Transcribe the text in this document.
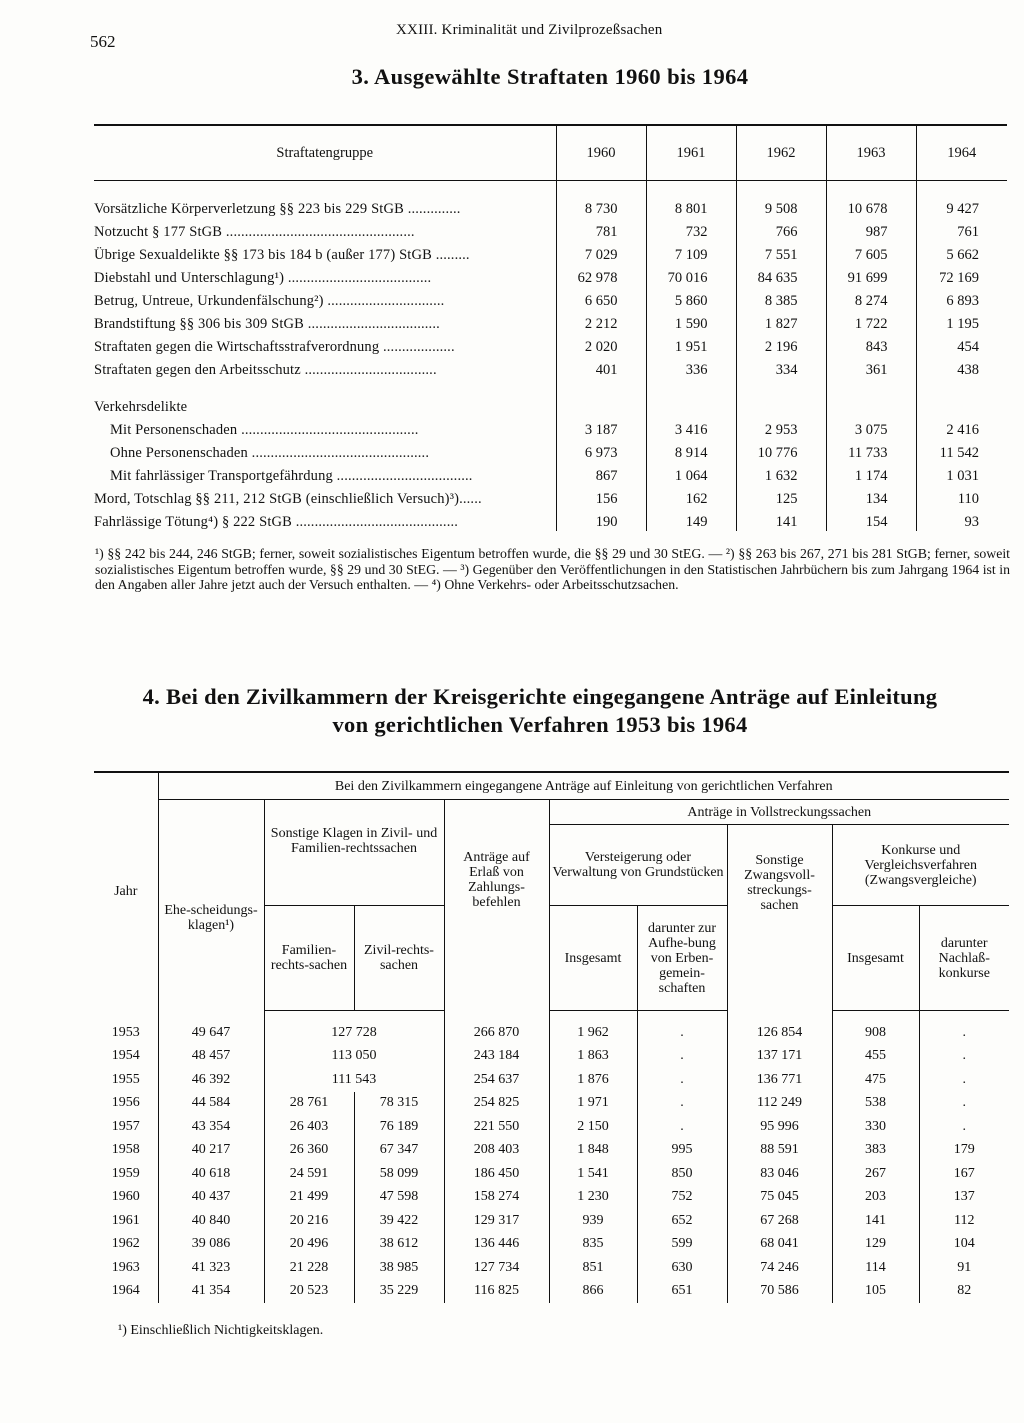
562
XXIII. Kriminalität und Zivilprozeßsachen
3. Ausgewählte Straftaten 1960 bis 1964
Straftatengruppe	1960	1961	1962	1963	1964

Vorsätzliche Körperverletzung §§ 223 bis 229 StGB ..............	8 730	8 801	9 508	10 678	9 427
Notzucht § 177 StGB ..................................................	781	732	766	987	761
Übrige Sexualdelikte §§ 173 bis 184 b (außer 177) StGB .........	7 029	7 109	7 551	7 605	5 662
Diebstahl und Unterschlagung¹) ......................................	62 978	70 016	84 635	91 699	72 169
Betrug, Untreue, Urkundenfälschung²) ...............................	6 650	5 860	8 385	8 274	6 893
Brandstiftung §§ 306 bis 309 StGB ...................................	2 212	1 590	1 827	1 722	1 195
Straftaten gegen die Wirtschaftsstrafverordnung ...................	2 020	1 951	2 196	843	454
Straftaten gegen den Arbeitsschutz ...................................	401	336	334	361	438

Verkehrsdelikte					
Mit Personenschaden ...............................................	3 187	3 416	2 953	3 075	2 416
Ohne Personenschaden ...............................................	6 973	8 914	10 776	11 733	11 542
Mit fahrlässiger Transportgefährdung ....................................	867	1 064	1 632	1 174	1 031
Mord, Totschlag §§ 211, 212 StGB (einschließlich Versuch)³)......	156	162	125	134	110
Fahrlässige Tötung⁴) § 222 StGB ...........................................	190	149	141	154	93
¹) §§ 242 bis 244, 246 StGB; ferner, soweit sozialistisches Eigentum betroffen wurde, die §§ 29 und 30 StEG. — ²) §§ 263 bis 267, 271 bis 281 StGB; ferner, soweit sozialistisches Eigentum betroffen wurde, §§ 29 und 30 StEG. — ³) Gegenüber den Veröffentlichungen in den Statistischen Jahrbüchern bis zum Jahrgang 1964 ist in den Angaben aller Jahre jetzt auch der Versuch enthalten. — ⁴) Ohne Verkehrs- oder Arbeitsschutzsachen.
4. Bei den Zivilkammern der Kreisgerichte eingegangene Anträge auf Einleitung
von gerichtlichen Verfahren 1953 bis 1964
Jahr	Bei den Zivilkammern eingegangene Anträge auf Einleitung von gerichtlichen Verfahren								
	Ehe-scheidungs-klagen¹)	Sonstige Klagen in Zivil- und Familien-rechtssachen		Anträge auf Erlaß von Zahlungs-befehlen	Anträge in Vollstreckungssachen				
					Versteigerung oder Verwaltung von Grundstücken		Sonstige Zwangsvoll-streckungs-sachen	Konkurse und Vergleichsverfahren (Zwangsvergleiche)	
		Familien-rechts-sachen	Zivil-rechts-sachen		Insgesamt	darunter zur Aufhe-bung von Erben-gemein-schaften		Insgesamt	darunter Nachlaß-konkurse
1953	49 647	127 728		266 870	1 962	.	126 854	908	.
1954	48 457	113 050		243 184	1 863	.	137 171	455	.
1955	46 392	111 543		254 637	1 876	.	136 771	475	.
1956	44 584	28 761	78 315	254 825	1 971	.	112 249	538	.
1957	43 354	26 403	76 189	221 550	2 150	.	95 996	330	.
1958	40 217	26 360	67 347	208 403	1 848	995	88 591	383	179
1959	40 618	24 591	58 099	186 450	1 541	850	83 046	267	167
1960	40 437	21 499	47 598	158 274	1 230	752	75 045	203	137
1961	40 840	20 216	39 422	129 317	939	652	67 268	141	112
1962	39 086	20 496	38 612	136 446	835	599	68 041	129	104
1963	41 323	21 228	38 985	127 734	851	630	74 246	114	91
1964	41 354	20 523	35 229	116 825	866	651	70 586	105	82
¹) Einschließlich Nichtigkeitsklagen.
